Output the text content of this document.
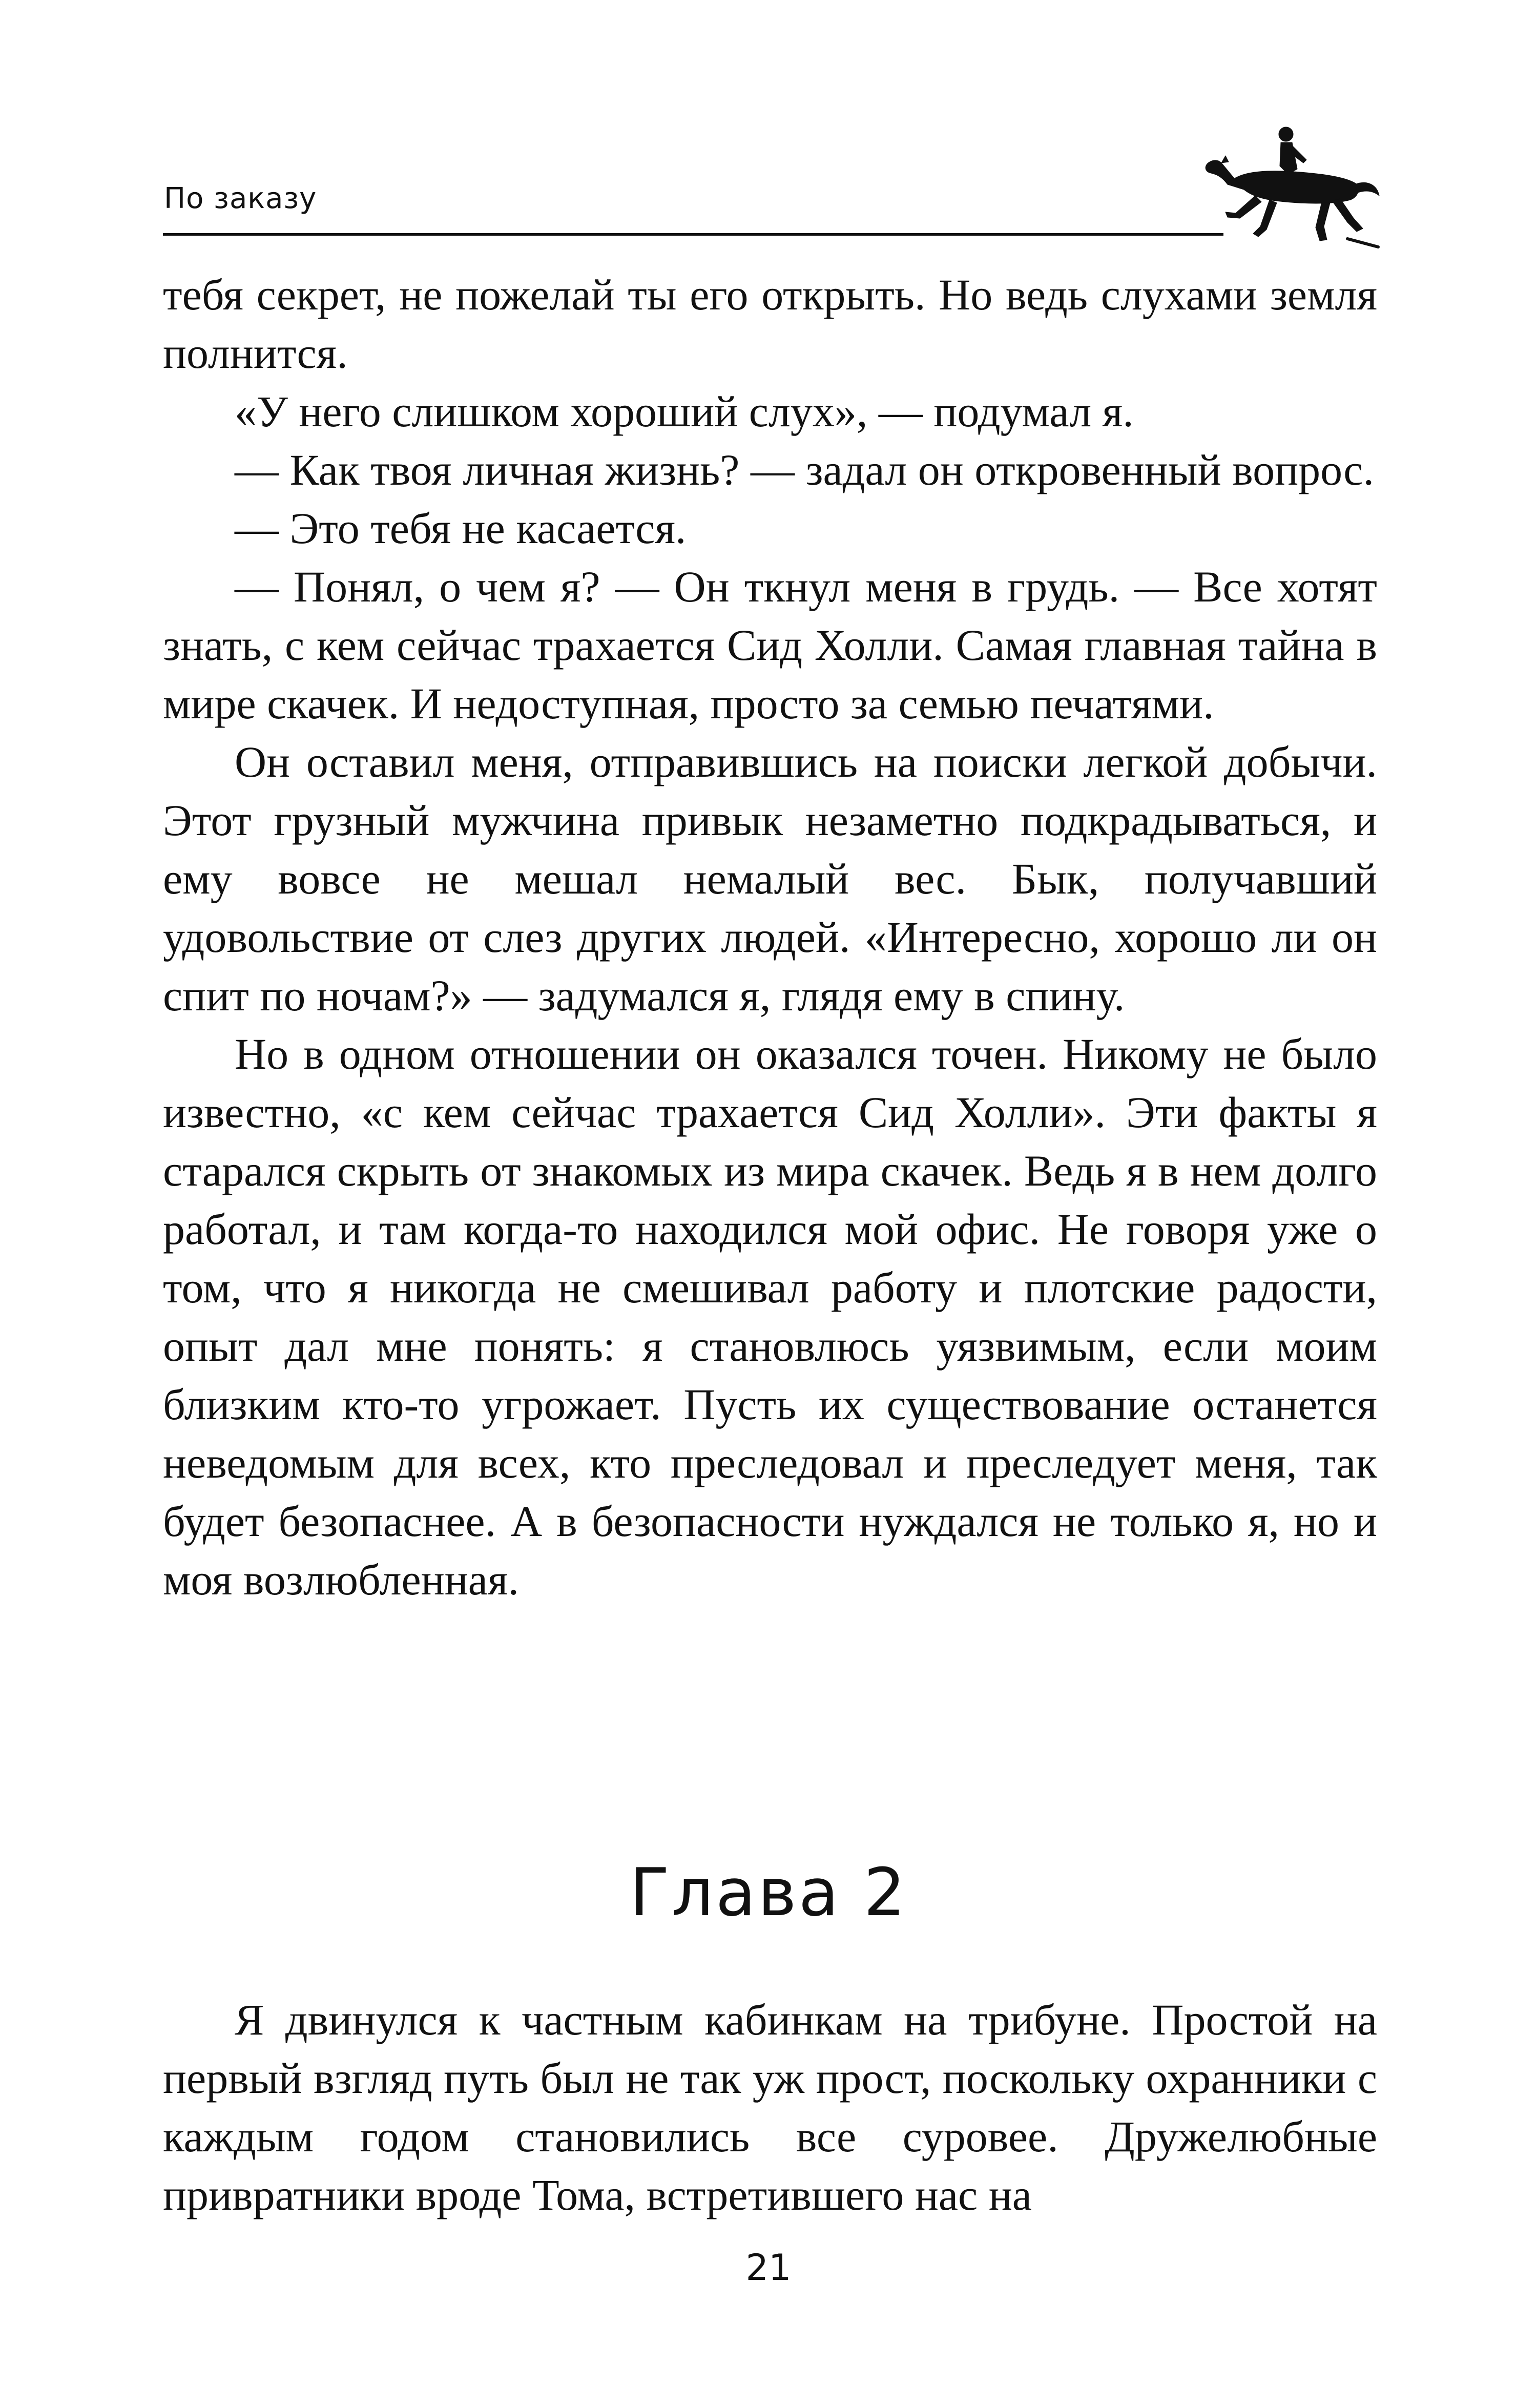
По заказу

тебя секрет, не пожелай ты его открыть. Но ведь слухами земля полнится.

«У него слишком хороший слух», — подумал я.

— Как твоя личная жизнь? — задал он откровенный вопрос.

— Это тебя не касается.

— Понял, о чем я? — Он ткнул меня в грудь. — Все хотят знать, с кем сейчас трахается Сид Холли. Самая главная тайна в мире скачек. И недоступная, просто за семью печатями.

Он оставил меня, отправившись на поиски легкой добычи. Этот грузный мужчина привык незаметно подкрадываться, и ему вовсе не мешал немалый вес. Бык, получавший удовольствие от слез других людей. «Интересно, хорошо ли он спит по ночам?» — задумался я, глядя ему в спину.

Но в одном отношении он оказался точен. Никому не было известно, «с кем сейчас трахается Сид Холли». Эти факты я старался скрыть от знакомых из мира скачек. Ведь я в нем долго работал, и там когда-то находился мой офис. Не говоря уже о том, что я никогда не смешивал работу и плотские радости, опыт дал мне понять: я становлюсь уязвимым, если моим близким кто-то угрожает. Пусть их существование останется неведомым для всех, кто преследовал и преследует меня, так будет безопаснее. А в безопасности нуждался не только я, но и моя возлюбленная.

Глава 2

Я двинулся к частным кабинкам на трибуне. Простой на первый взгляд путь был не так уж прост, поскольку охранники с каждым годом становились все суровее. Дружелюбные привратники вроде Тома, встретившего нас на

21
